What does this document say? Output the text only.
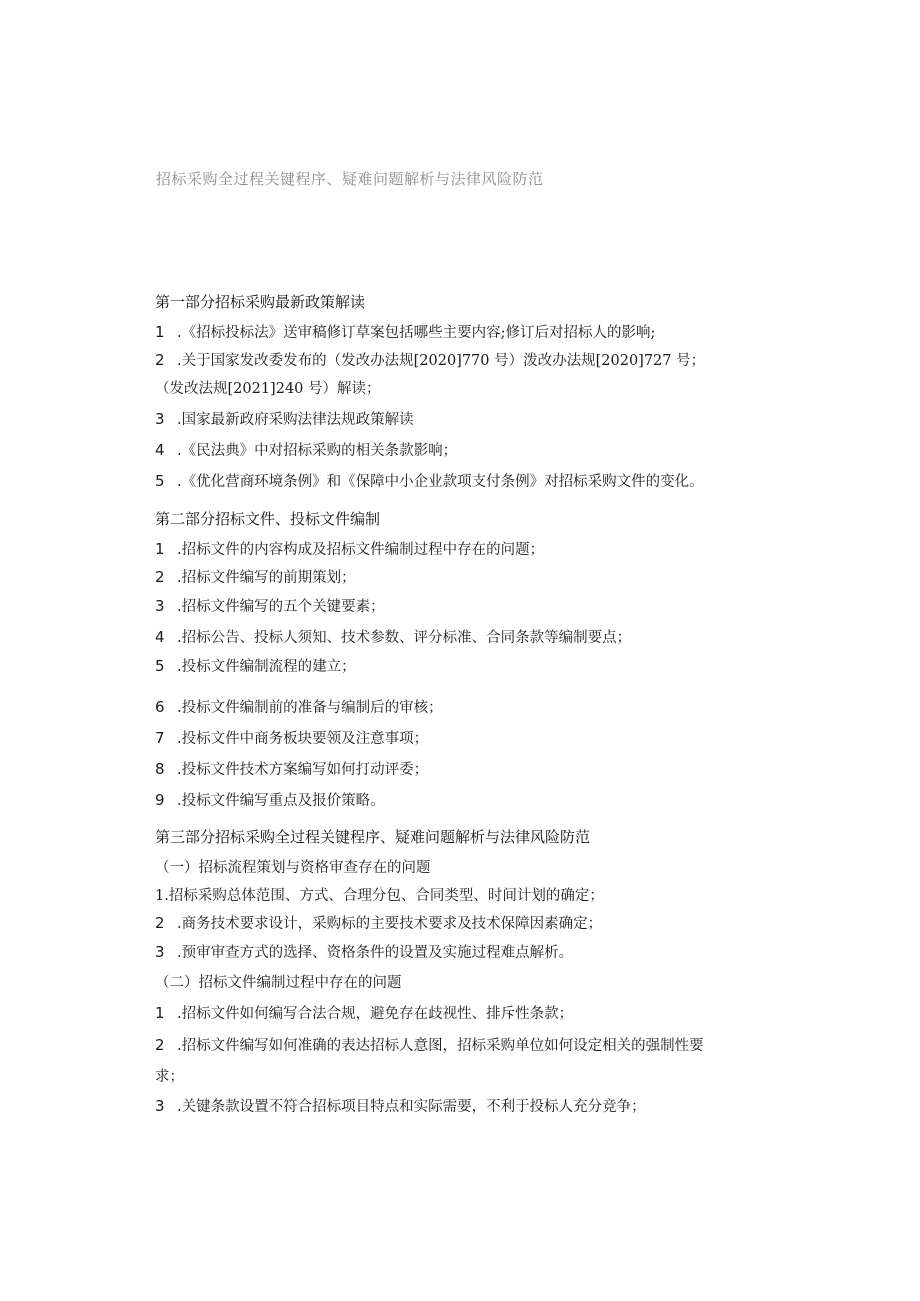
招标采购全过程关键程序、疑难问题解析与法律风险防范
第一部分招标采购最新政策解读
1 .《招标投标法》送审稿修订草案包括哪些主要内容;修订后对招标人的影响;
2 .关于国家发改委发布的（发改办法规[2020]770 号）泼改办法规[2020]727 号；
（发改法规[2021]240 号）解读；
3 .国家最新政府采购法律法规政策解读
4 .《民法典》中对招标采购的相关条款影响；
5 .《优化营商环境条例》和《保障中小企业款项支付条例》对招标采购文件的变化。
第二部分招标文件、投标文件编制
1 .招标文件的内容构成及招标文件编制过程中存在的问题；
2 .招标文件编写的前期策划；
3 .招标文件编写的五个关键要素；
4 .招标公告、投标人须知、技术参数、评分标准、合同条款等编制要点；
5 .投标文件编制流程的建立；
6 .投标文件编制前的准备与编制后的审核；
7 .投标文件中商务板块要领及注意事项；
8 .投标文件技术方案编写如何打动评委；
9 .投标文件编写重点及报价策略。
第三部分招标采购全过程关键程序、疑难问题解析与法律风险防范
（一）招标流程策划与资格审查存在的问题
1.招标采购总体范围、方式、合理分包、合同类型、时间计划的确定；
2 .商务技术要求设计，采购标的主要技术要求及技术保障因素确定；
3 .预审审查方式的选择、资格条件的设置及实施过程难点解析。
（二）招标文件编制过程中存在的问题
1 .招标文件如何编写合法合规，避免存在歧视性、排斥性条款；
2 .招标文件编写如何准确的表达招标人意图，招标采购单位如何设定相关的强制性要
求；
3 .关键条款设置不符合招标项目特点和实际需要，不利于投标人充分竞争；
